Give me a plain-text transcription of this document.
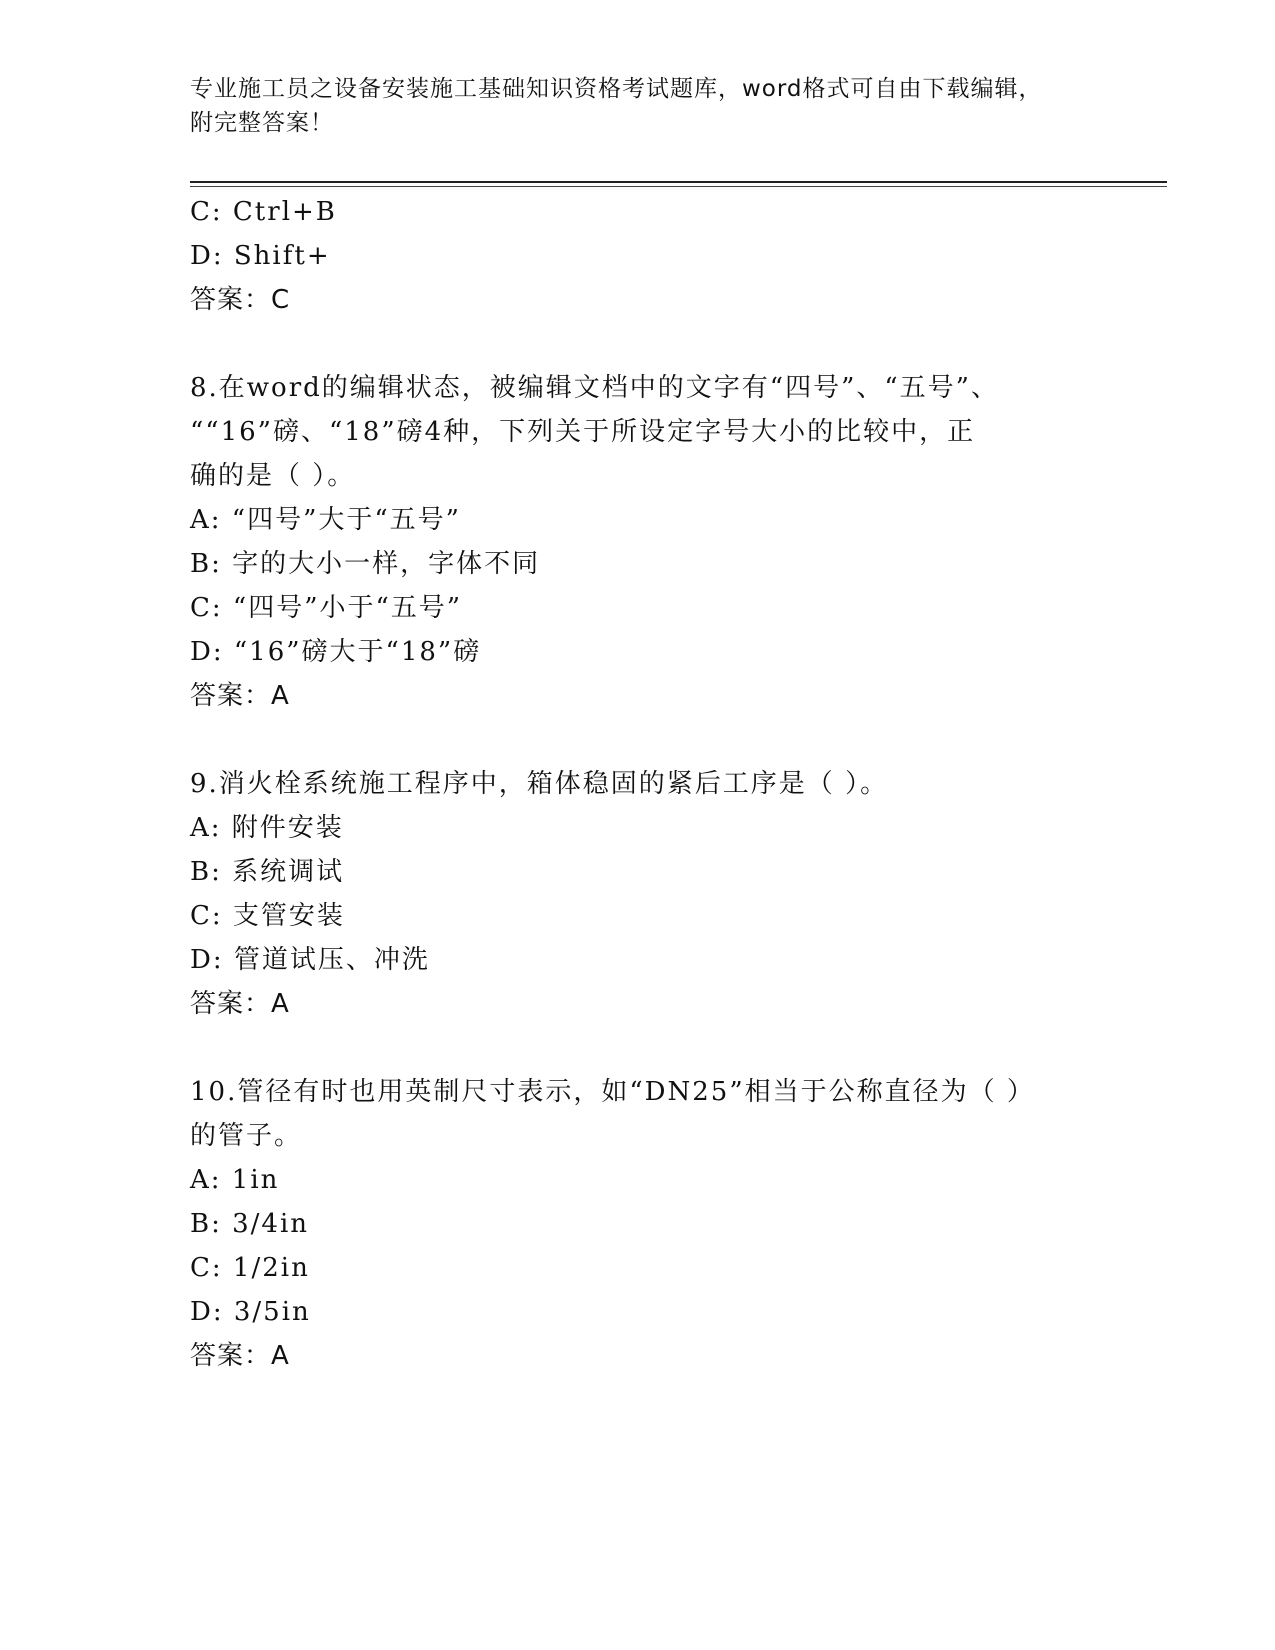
专业施工员之设备安装施工基础知识资格考试题库，word格式可自由下载编辑，
附完整答案！
C: Ctrl+B
D: Shift+
答案：C
8.在word的编辑状态，被编辑文档中的文字有“四号”、“五号”、
““16”磅、“18”磅4种，下列关于所设定字号大小的比较中，正
确的是（ ）。
A: “四号”大于“五号”
B: 字的大小一样，字体不同
C: “四号”小于“五号”
D: “16”磅大于“18”磅
答案：A
9.消火栓系统施工程序中，箱体稳固的紧后工序是（ ）。
A: 附件安装
B: 系统调试
C: 支管安装
D: 管道试压、冲洗
答案：A
10.管径有时也用英制尺寸表示，如“DN25”相当于公称直径为（ ）
的管子。
A: 1in
B: 3/4in
C: 1/2in
D: 3/5in
答案：A
